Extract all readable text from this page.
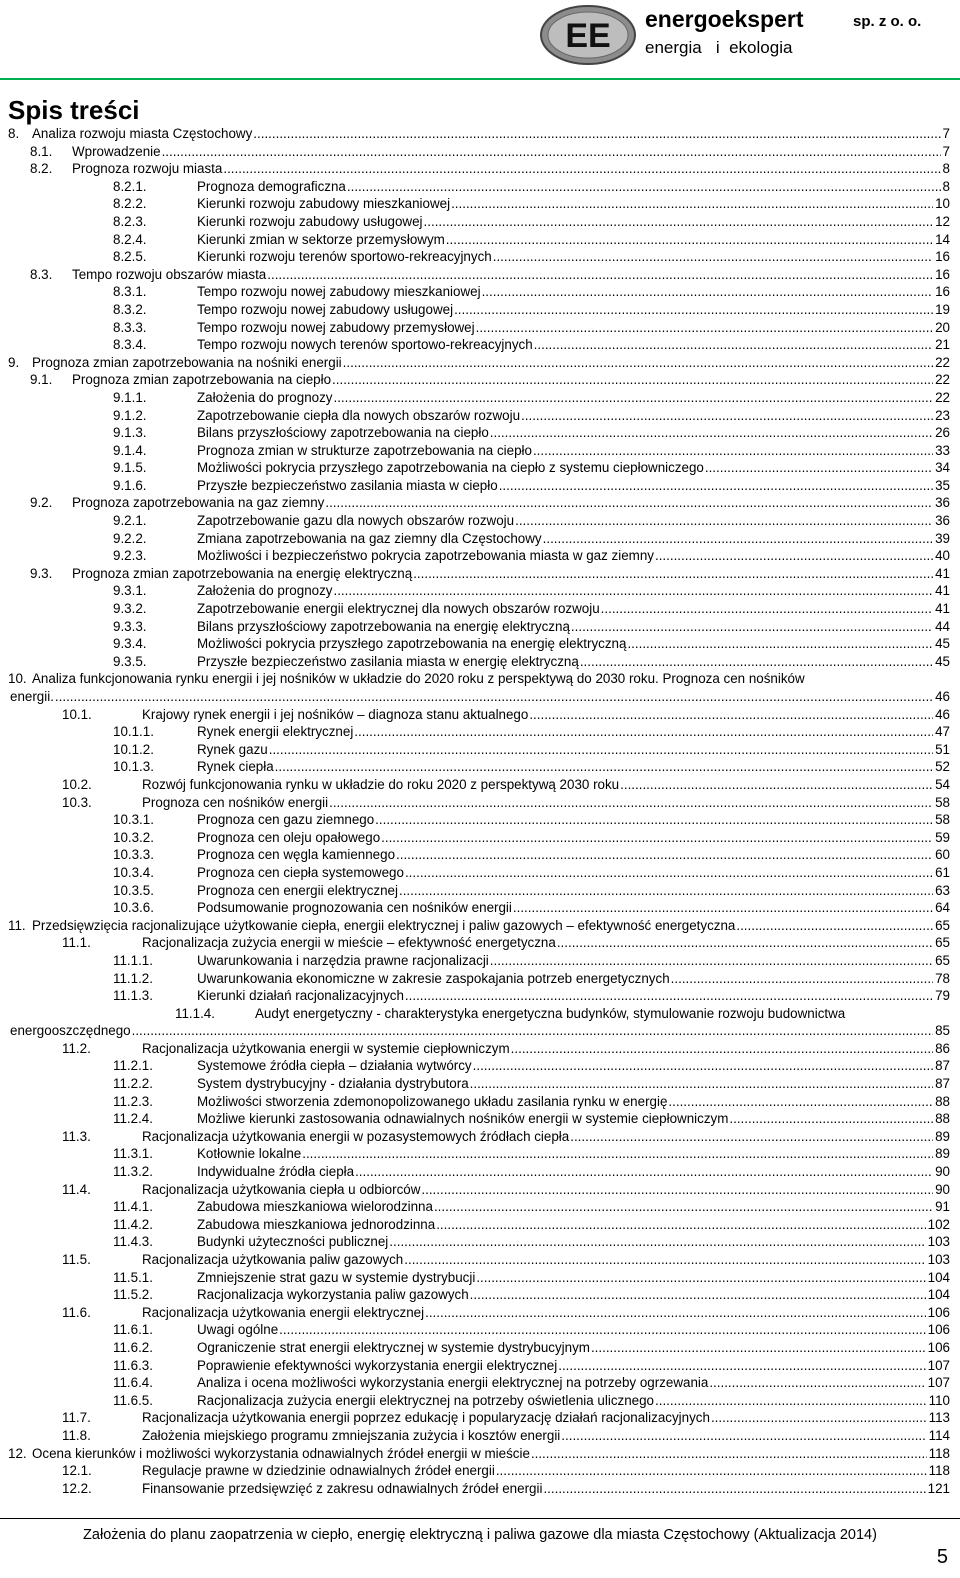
EE energoekspert	sp. z o. o.
energia   i  ekologia
Spis treści
8. Analiza rozwoju miasta Częstochowy .....	7
8.1. Wprowadzenie .....	7
8.2. Prognoza rozwoju miasta .....	8
8.2.1.	Prognoza demograficzna .....	8
8.2.2.	Kierunki rozwoju zabudowy mieszkaniowej .....	10
8.2.3.	Kierunki rozwoju zabudowy usługowej .....	12
8.2.4.	Kierunki zmian w sektorze przemysłowym .....	14
8.2.5.	Kierunki rozwoju terenów sportowo-rekreacyjnych .....	16
8.3. Tempo rozwoju obszarów miasta .....	16
8.3.1.	Tempo rozwoju nowej zabudowy mieszkaniowej .....	16
8.3.2.	Tempo rozwoju nowej zabudowy usługowej .....	19
8.3.3.	Tempo rozwoju nowej zabudowy przemysłowej .....	20
8.3.4.	Tempo rozwoju nowych terenów sportowo-rekreacyjnych .....	21
9. Prognoza zmian zapotrzebowania na nośniki energii .....	22
9.1. Prognoza zmian zapotrzebowania na ciepło .....	22
9.1.1.	Założenia do prognozy .....	22
9.1.2.	Zapotrzebowanie ciepła dla nowych obszarów rozwoju .....	23
9.1.3.	Bilans przyszłościowy zapotrzebowania na ciepło .....	26
9.1.4.	Prognoza zmian w strukturze zapotrzebowania na ciepło .....	33
9.1.5.	Możliwości pokrycia przyszłego zapotrzebowania na ciepło z systemu ciepłowniczego .....	34
9.1.6.	Przyszłe bezpieczeństwo zasilania miasta w ciepło .....	35
9.2. Prognoza zapotrzebowania na gaz ziemny .....	36
9.2.1.	Zapotrzebowanie gazu dla nowych obszarów rozwoju .....	36
9.2.2.	Zmiana zapotrzebowania na gaz ziemny dla Częstochowy .....	39
9.2.3.	Możliwości i bezpieczeństwo pokrycia zapotrzebowania miasta w gaz ziemny .....	40
9.3. Prognoza zmian zapotrzebowania na energię elektryczną .....	41
9.3.1.	Założenia do prognozy .....	41
9.3.2.	Zapotrzebowanie energii elektrycznej dla nowych obszarów rozwoju .....	41
9.3.3.	Bilans przyszłościowy zapotrzebowania na energię elektryczną .....	44
9.3.4.	Możliwości pokrycia przyszłego zapotrzebowania na energię elektryczną .....	45
9.3.5.	Przyszłe bezpieczeństwo zasilania miasta w energię elektryczną .....	45
10. Analiza funkcjonowania rynku energii i jej nośników w układzie do 2020 roku z perspektywą do 2030 roku. Prognoza cen nośników
energii. .....	46
10.1.	Krajowy rynek energii i jej nośników – diagnoza stanu aktualnego .....	46
10.1.1.	Rynek energii elektrycznej .....	47
10.1.2.	Rynek gazu .....	51
10.1.3.	Rynek ciepła .....	52
10.2.	Rozwój funkcjonowania rynku w układzie do roku 2020 z perspektywą 2030 roku .....	54
10.3.	Prognoza cen nośników energii .....	58
10.3.1.	Prognoza cen gazu ziemnego .....	58
10.3.2.	Prognoza cen oleju opałowego .....	59
10.3.3.	Prognoza cen węgla kamiennego .....	60
10.3.4.	Prognoza cen ciepła systemowego .....	61
10.3.5.	Prognoza cen energii elektrycznej .....	63
10.3.6.	Podsumowanie prognozowania cen nośników energii .....	64
11. Przedsięwzięcia racjonalizujące użytkowanie ciepła, energii elektrycznej i paliw gazowych – efektywność energetyczna .....	65
11.1.	Racjonalizacja zużycia energii w mieście – efektywność energetyczna .....	65
11.1.1.	Uwarunkowania i narzędzia prawne racjonalizacji .....	65
11.1.2.	Uwarunkowania ekonomiczne w zakresie zaspokajania potrzeb energetycznych .....	78
11.1.3.	Kierunki działań racjonalizacyjnych .....	79
11.1.4.	Audyt energetyczny - charakterystyka energetyczna budynków, stymulowanie rozwoju budownictwa
energooszczędnego .....	85
11.2.	Racjonalizacja użytkowania energii w systemie ciepłowniczym .....	86
11.2.1.	Systemowe źródła ciepła – działania wytwórcy .....	87
11.2.2.	System dystrybucyjny - działania dystrybutora .....	87
11.2.3.	Możliwości stworzenia zdemonopolizowanego układu zasilania rynku w energię .....	88
11.2.4.	Możliwe kierunki zastosowania odnawialnych nośników energii w systemie ciepłowniczym .....	88
11.3.	Racjonalizacja użytkowania energii w pozasystemowych źródłach ciepła .....	89
11.3.1.	Kotłownie lokalne .....	89
11.3.2.	Indywidualne źródła ciepła .....	90
11.4.	Racjonalizacja użytkowania ciepła u odbiorców .....	90
11.4.1.	Zabudowa mieszkaniowa wielorodzinna .....	91
11.4.2.	Zabudowa mieszkaniowa jednorodzinna .....	102
11.4.3.	Budynki użyteczności publicznej .....	103
11.5.	Racjonalizacja użytkowania paliw gazowych .....	103
11.5.1.	Zmniejszenie strat gazu w systemie dystrybucji .....	104
11.5.2.	Racjonalizacja wykorzystania paliw gazowych .....	104
11.6.	Racjonalizacja użytkowania energii elektrycznej .....	106
11.6.1.	Uwagi ogólne .....	106
11.6.2.	Ograniczenie strat energii elektrycznej w systemie dystrybucyjnym .....	106
11.6.3.	Poprawienie efektywności wykorzystania energii elektrycznej .....	107
11.6.4.	Analiza i ocena możliwości wykorzystania energii elektrycznej na potrzeby ogrzewania .....	107
11.6.5.	Racjonalizacja zużycia energii elektrycznej na potrzeby oświetlenia ulicznego .....	110
11.7.	Racjonalizacja użytkowania energii poprzez edukację i popularyzację działań racjonalizacyjnych .....	113
11.8.	Założenia miejskiego programu zmniejszania zużycia i kosztów energii .....	114
12. Ocena kierunków i możliwości wykorzystania odnawialnych źródeł energii w mieście .....	118
12.1.	Regulacje prawne w dziedzinie odnawialnych źródeł energii .....	118
12.2.	Finansowanie przedsięwzięć z zakresu odnawialnych źródeł energii .....	121
Założenia do planu zaopatrzenia w ciepło, energię elektryczną i paliwa gazowe dla miasta Częstochowy (Aktualizacja 2014)
5
